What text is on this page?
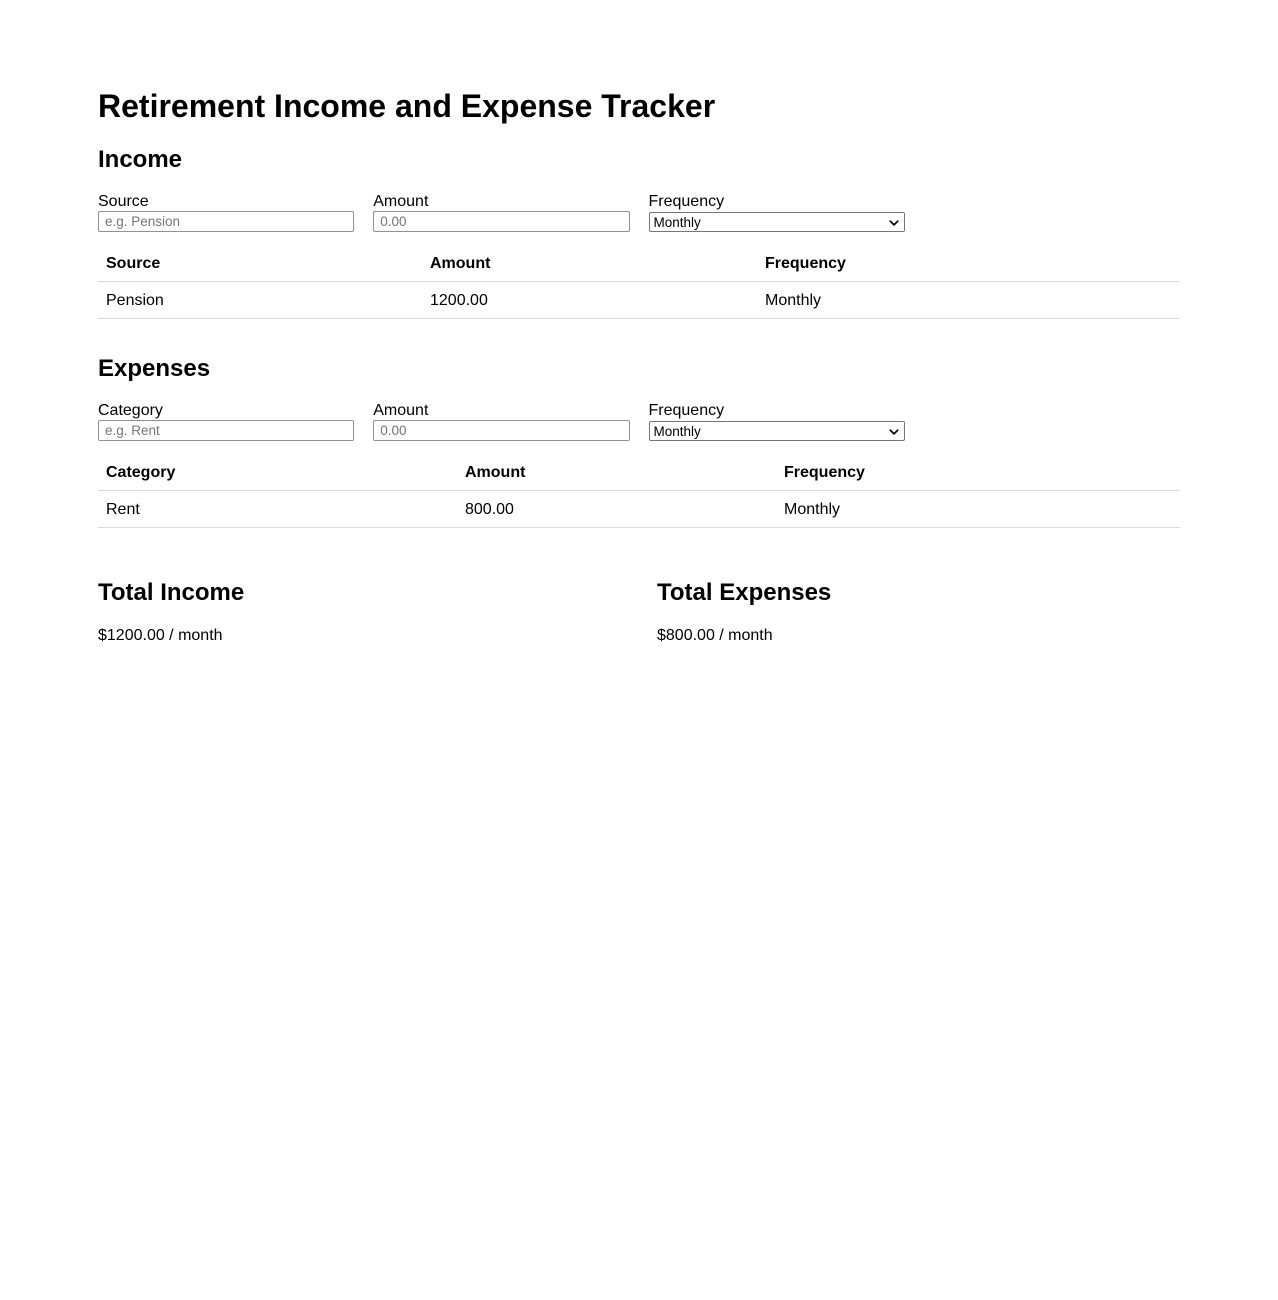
Retirement Income and Expense Tracker
Income
Source
e.g. Pension	Amount
0.00	Frequency
Monthly
Source	Amount	Frequency
Pension	1200.00	Monthly
Expenses
Category
e.g. Rent	Amount
0.00	Frequency
Monthly
Category	Amount	Frequency
Rent	800.00	Monthly
Total Income

$1200.00 / month

Total Expenses

$800.00 / month
